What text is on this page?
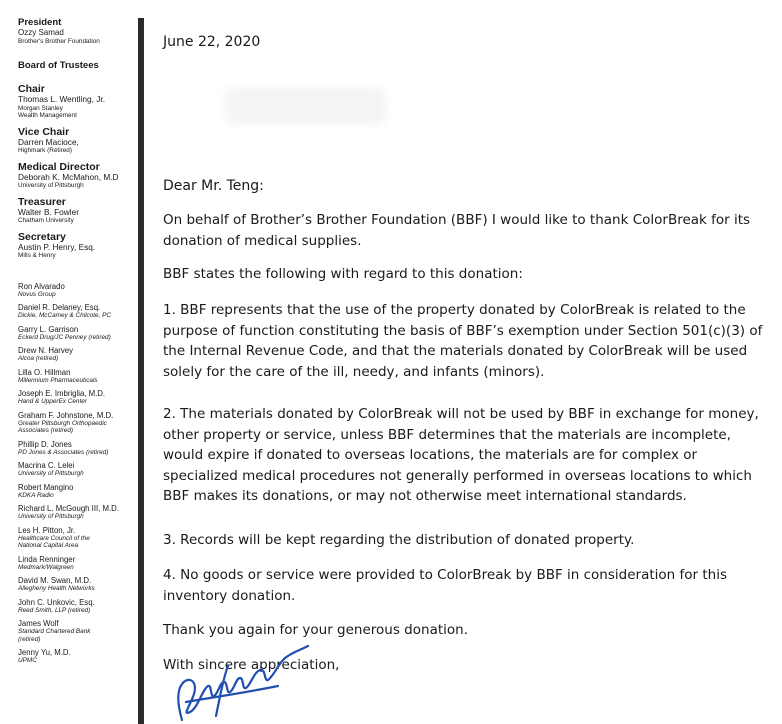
President
Ozzy Samad
Brother's Brother Foundation
Board of Trustees
Chair
Thomas L. Wentling, Jr.
Morgan Stanley
Wealth Management
Vice Chair
Darren Macioce,
Highmark (Retired)
Medical Director
Deborah K. McMahon, M.D
University of Pittsburgh
Treasurer
Walter B. Fowler
Chatham University
Secretary
Austin P. Henry, Esq.
Mills & Henry
Ron Alvarado
Novus Group
Daniel R. Delaney, Esq.
Dickie, McCamey & Chilcote, PC
Garry L. Garrison
Eckerd Drug/JC Penney (retired)
Drew N. Harvey
Alcoa (retired)
Lilla O. Hillman
Millennium Pharmaceuticals
Joseph E. Imbriglia, M.D.
Hand & UpperEx Center
Graham F. Johnstone, M.D.
Greater Pittsburgh Orthopaedic
Associates (retired)
Phillip D. Jones
PD Jones & Associates (retired)
Macrina C. Lelei
University of Pittsburgh
Robert Mangino
KDKA Radio
Richard L. McGough III, M.D.
University of Pittsburgh
Les H. Pitton, Jr.
Healthcare Council of the
National Capital Area
Linda Renninger
Medmark/Walgreen
David M. Swan, M.D.
Allegheny Health Networks
John C. Unkovic, Esq.
Reed Smith, LLP (retired)
James Wolf
Standard Chartered Bank
(retired)
Jenny Yu, M.D.
UPMC
June 22, 2020
Dear Mr. Teng:
On behalf of Brother’s Brother Foundation (BBF) I would like to thank ColorBreak for its donation of medical supplies.
BBF states the following with regard to this donation:
1. BBF represents that the use of the property donated by ColorBreak is related to the purpose of function constituting the basis of BBF’s exemption under Section 501(c)(3) of the Internal Revenue Code, and that the materials donated by ColorBreak will be used solely for the care of the ill, needy, and infants (minors).
2. The materials donated by ColorBreak will not be used by BBF in exchange for money, other property or service, unless BBF determines that the materials are incomplete, would expire if donated to overseas locations, the materials are for complex or specialized medical procedures not generally performed in overseas locations to which BBF makes its donations, or may not otherwise meet international standards.
3. Records will be kept regarding the distribution of donated property.
4. No goods or service were provided to ColorBreak by BBF in consideration for this inventory donation.
Thank you again for your generous donation.
With sincere appreciation,
